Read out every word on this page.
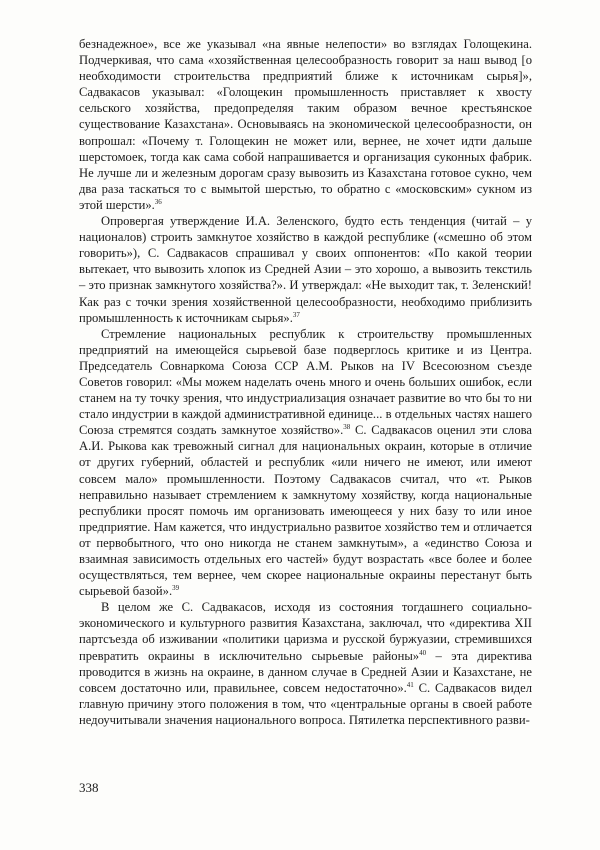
безнадежное», все же указывал «на явные нелепости» во взглядах Голощекина. Подчеркивая, что сама «хозяйственная целесообразность говорит за наш вывод [о необходимости строительства предприятий ближе к источникам сырья]», Садвакасов указывал: «Голощекин промышленность приставляет к хвосту сельского хозяйства, предопределяя таким образом вечное крестьянское существование Казахстана». Основываясь на экономической целесообразности, он вопрошал: «Почему т. Голощекин не может или, вернее, не хочет идти дальше шерстомоек, тогда как сама собой напрашивается и организация суконных фабрик. Не лучше ли и железным дорогам сразу вывозить из Казахстана готовое сукно, чем два раза таскаться то с вымытой шерстью, то обратно с «московским» сукном из этой шерсти».$^{36}$

Опровергая утверждение И.А. Зеленского, будто есть тенденция (читай – у националов) строить замкнутое хозяйство в каждой республике («смешно об этом говорить»), С. Садвакасов спрашивал у своих оппонентов: «По какой теории вытекает, что вывозить хлопок из Средней Азии – это хорошо, а вывозить текстиль – это признак замкнутого хозяйства?». И утверждал: «Не выходит так, т. Зеленский! Как раз с точки зрения хозяйственной целесообразности, необходимо приблизить промышленность к источникам сырья».$^{37}$

Стремление национальных республик к строительству промышленных предприятий на имеющейся сырьевой базе подверглось критике и из Центра. Председатель Совнаркома Союза ССР А.М. Рыков на IV Всесоюзном съезде Советов говорил: «Мы можем наделать очень много и очень больших ошибок, если станем на ту точку зрения, что индустриализация означает развитие во что бы то ни стало индустрии в каждой административной единице... в отдельных частях нашего Союза стремятся создать замкнутое хозяйство».$^{38}$ С. Садвакасов оценил эти слова А.И. Рыкова как тревожный сигнал для национальных окраин, которые в отличие от других губерний, областей и республик «или ничего не имеют, или имеют совсем мало» промышленности. Поэтому Садвакасов считал, что «т. Рыков неправильно называет стремлением к замкнутому хозяйству, когда национальные республики просят помочь им организовать имеющееся у них базу то или иное предприятие. Нам кажется, что индустриально развитое хозяйство тем и отличается от первобытного, что оно никогда не станем замкнутым», а «единство Союза и взаимная зависимость отдельных его частей» будут возрастать «все более и более осуществляться, тем вернее, чем скорее национальные окраины перестанут быть сырьевой базой».$^{39}$

В целом же С. Садвакасов, исходя из состояния тогдашнего социально-экономического и культурного развития Казахстана, заключал, что «директива XII партсъезда об изживании «политики царизма и русской буржуазии, стремившихся превратить окраины в исключительно сырьевые районы»$^{40}$ – эта директива проводится в жизнь на окраине, в данном случае в Средней Азии и Казахстане, не совсем достаточно или, правильнее, совсем недостаточно».$^{41}$ С. Садвакасов видел главную причину этого положения в том, что «центральные органы в своей работе недоучитывали значения национального вопроса. Пятилетка перспективного разви-

338
